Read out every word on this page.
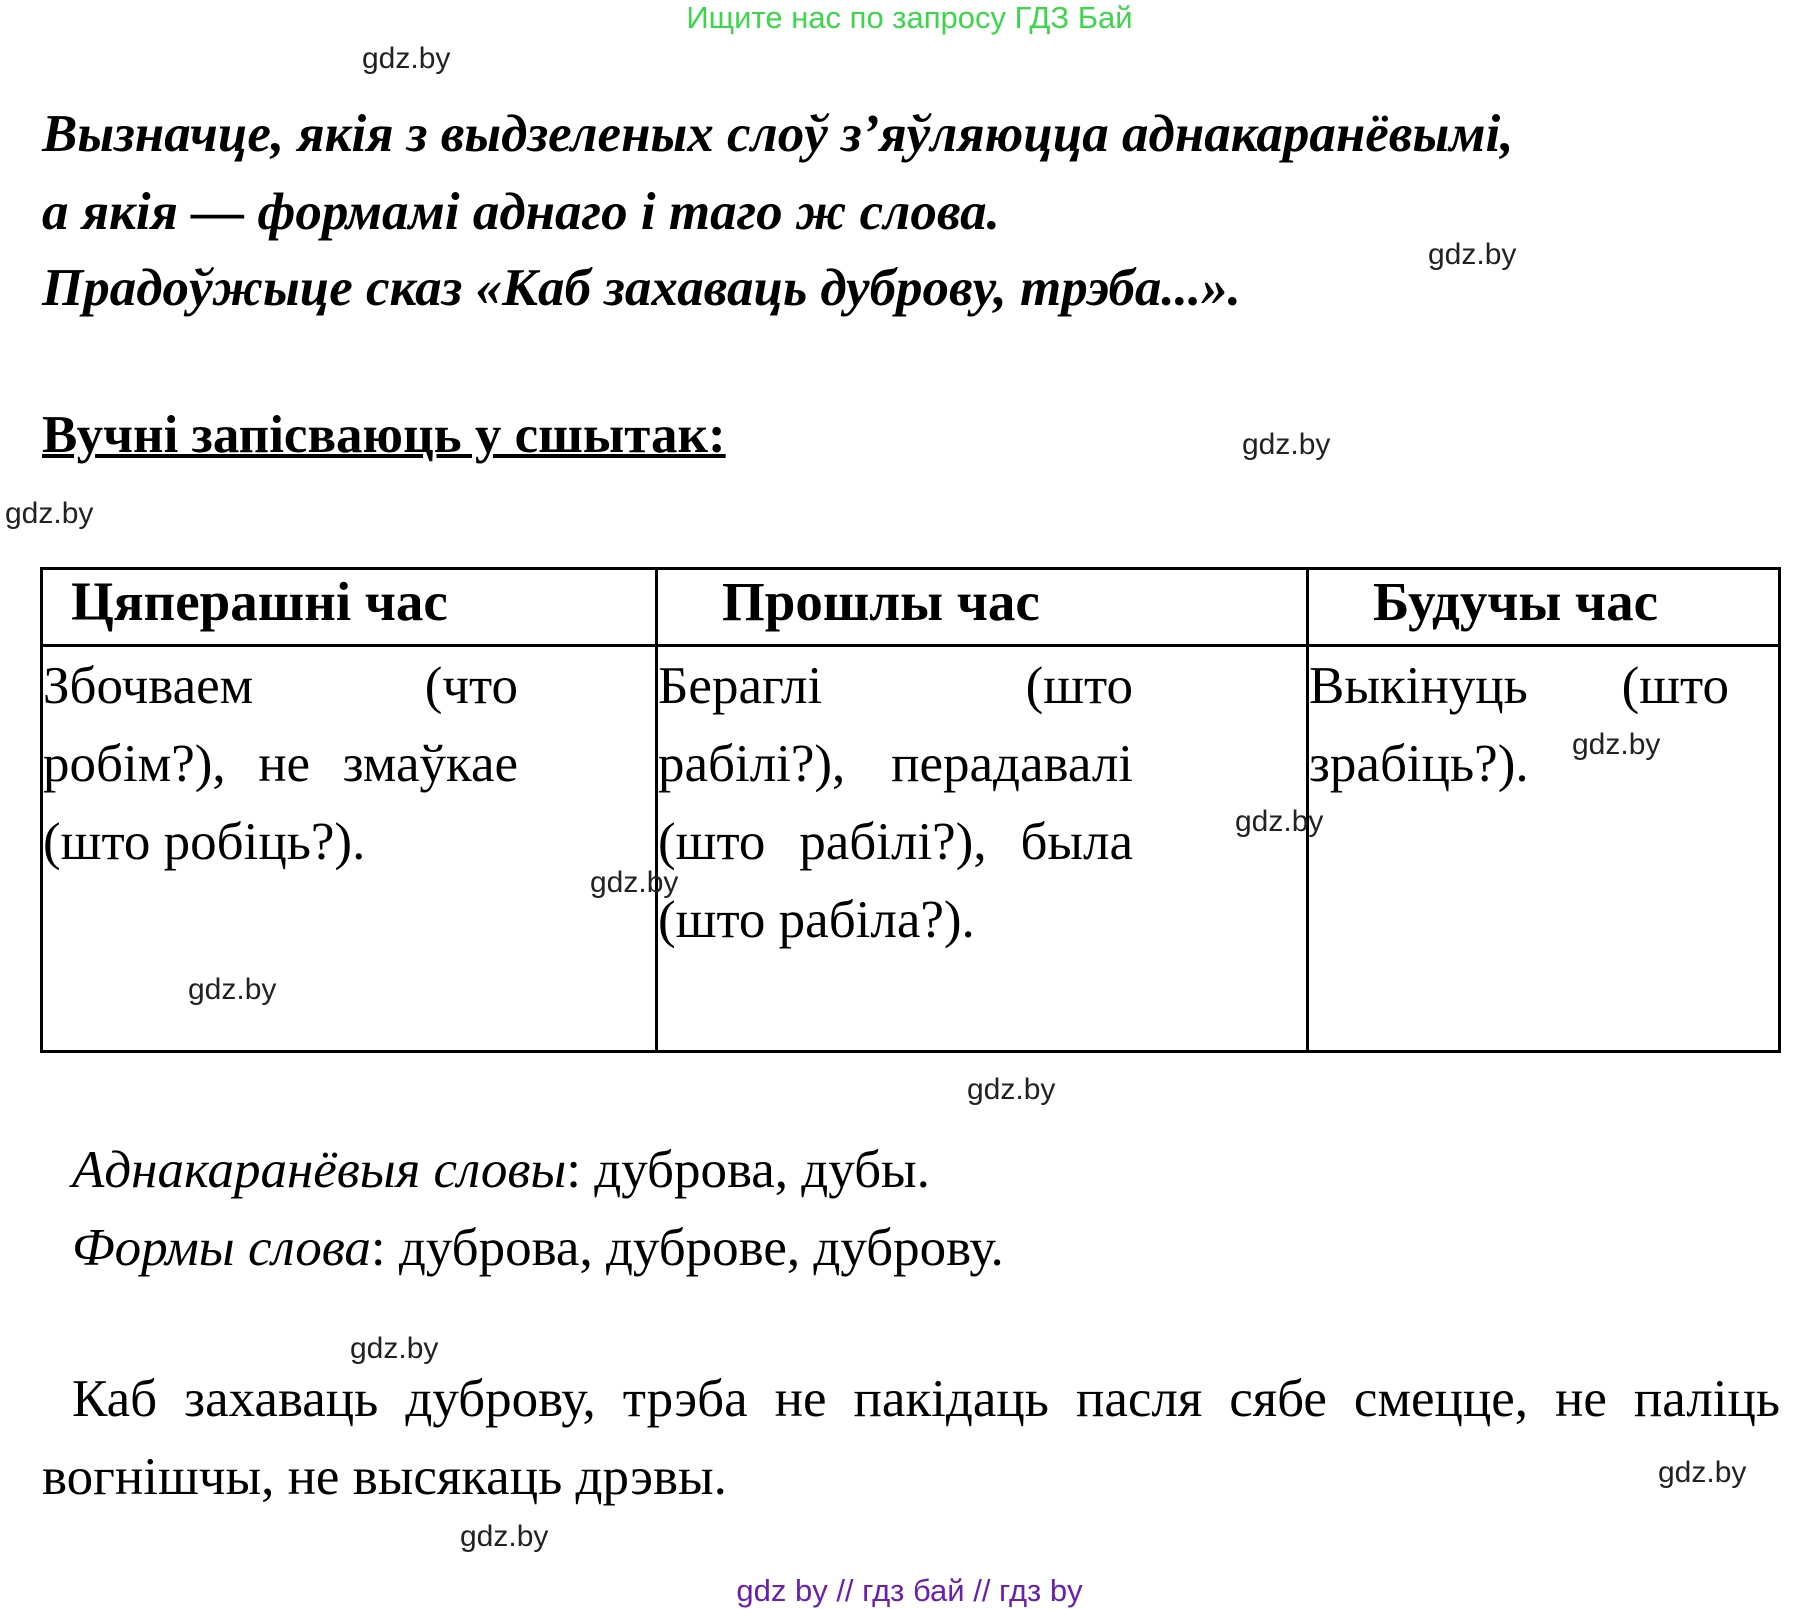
Ищите нас по запросу ГДЗ Бай
gdz.by
Вызначце, якія з выдзеленых слоў з’яўляюцца аднакаранёвымі,
а якія — формамі аднаго і таго ж слова.
Прадоўжыце сказ «Каб захаваць дуброву, трэба...».
gdz.by
Вучні запісваюць у сшытак:	gdz.by
gdz.by
Цяперашні час	Прошлы час	Будучы час

Збочваем (что робім?), не змаўкае (што робіць?).	Бераглі (што рабілі?), перадавалі (што рабілі?), была (што рабіла?).	Выкінуць (што зрабіць?).	gdz.by
gdz.by
gdz.by
gdz.by
gdz.by
Аднакаранёвыя словы: дуброва, дубы.
Формы слова: дуброва, дуброве, дуброву.
gdz.by
Каб захаваць дуброву, трэба не пакідаць пасля сябе смецце, не паліць вогнішчы, не высякаць дрэвы.	gdz.by
gdz.by
gdz by // гдз бай // гдз by
